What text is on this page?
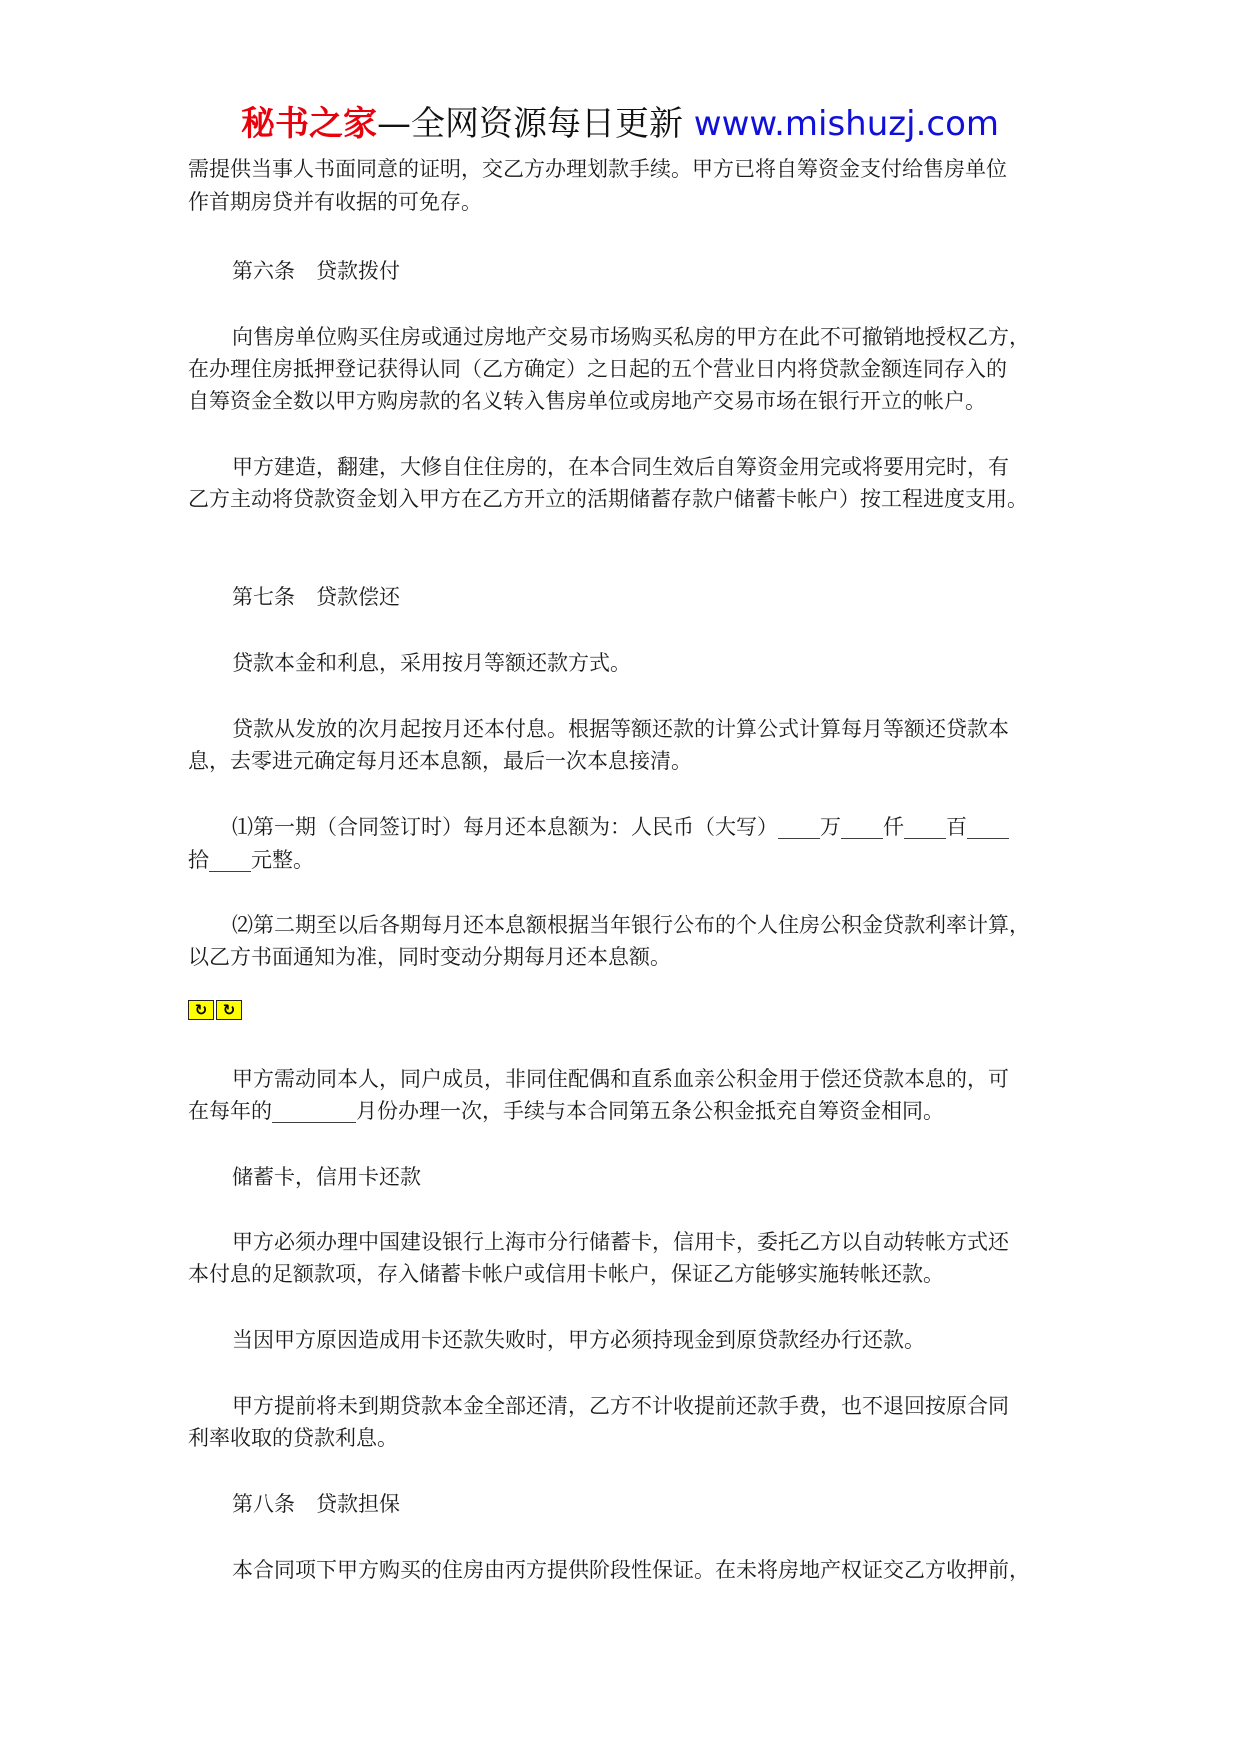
秘书之家—全网资源每日更新 www.mishuzj.com
需提供当事人书面同意的证明，交乙方办理划款手续。甲方已将自筹资金支付给售房单位
作首期房贷并有收据的可免存。
第六条　贷款拨付
向售房单位购买住房或通过房地产交易市场购买私房的甲方在此不可撤销地授权乙方，
在办理住房抵押登记获得认同（乙方确定）之日起的五个营业日内将贷款金额连同存入的
自筹资金全数以甲方购房款的名义转入售房单位或房地产交易市场在银行开立的帐户。
甲方建造，翻建，大修自住住房的，在本合同生效后自筹资金用完或将要用完时，有
乙方主动将贷款资金划入甲方在乙方开立的活期储蓄存款户储蓄卡帐户）按工程进度支用。
第七条　贷款偿还
贷款本金和利息，采用按月等额还款方式。
贷款从发放的次月起按月还本付息。根据等额还款的计算公式计算每月等额还贷款本
息，去零进元确定每月还本息额，最后一次本息接清。
⑴第一期（合同签订时）每月还本息额为：人民币（大写）____万____仟____百____
拾____元整。
⑵第二期至以后各期每月还本息额根据当年银行公布的个人住房公积金贷款利率计算，
以乙方书面通知为准，同时变动分期每月还本息额。
↻	↻
甲方需动同本人，同户成员，非同住配偶和直系血亲公积金用于偿还贷款本息的，可
在每年的________月份办理一次，手续与本合同第五条公积金抵充自筹资金相同。
储蓄卡，信用卡还款
甲方必须办理中国建设银行上海市分行储蓄卡，信用卡，委托乙方以自动转帐方式还
本付息的足额款项，存入储蓄卡帐户或信用卡帐户，保证乙方能够实施转帐还款。
当因甲方原因造成用卡还款失败时，甲方必须持现金到原贷款经办行还款。
甲方提前将未到期贷款本金全部还清，乙方不计收提前还款手费，也不退回按原合同
利率收取的贷款利息。
第八条　贷款担保
本合同项下甲方购买的住房由丙方提供阶段性保证。在未将房地产权证交乙方收押前，
